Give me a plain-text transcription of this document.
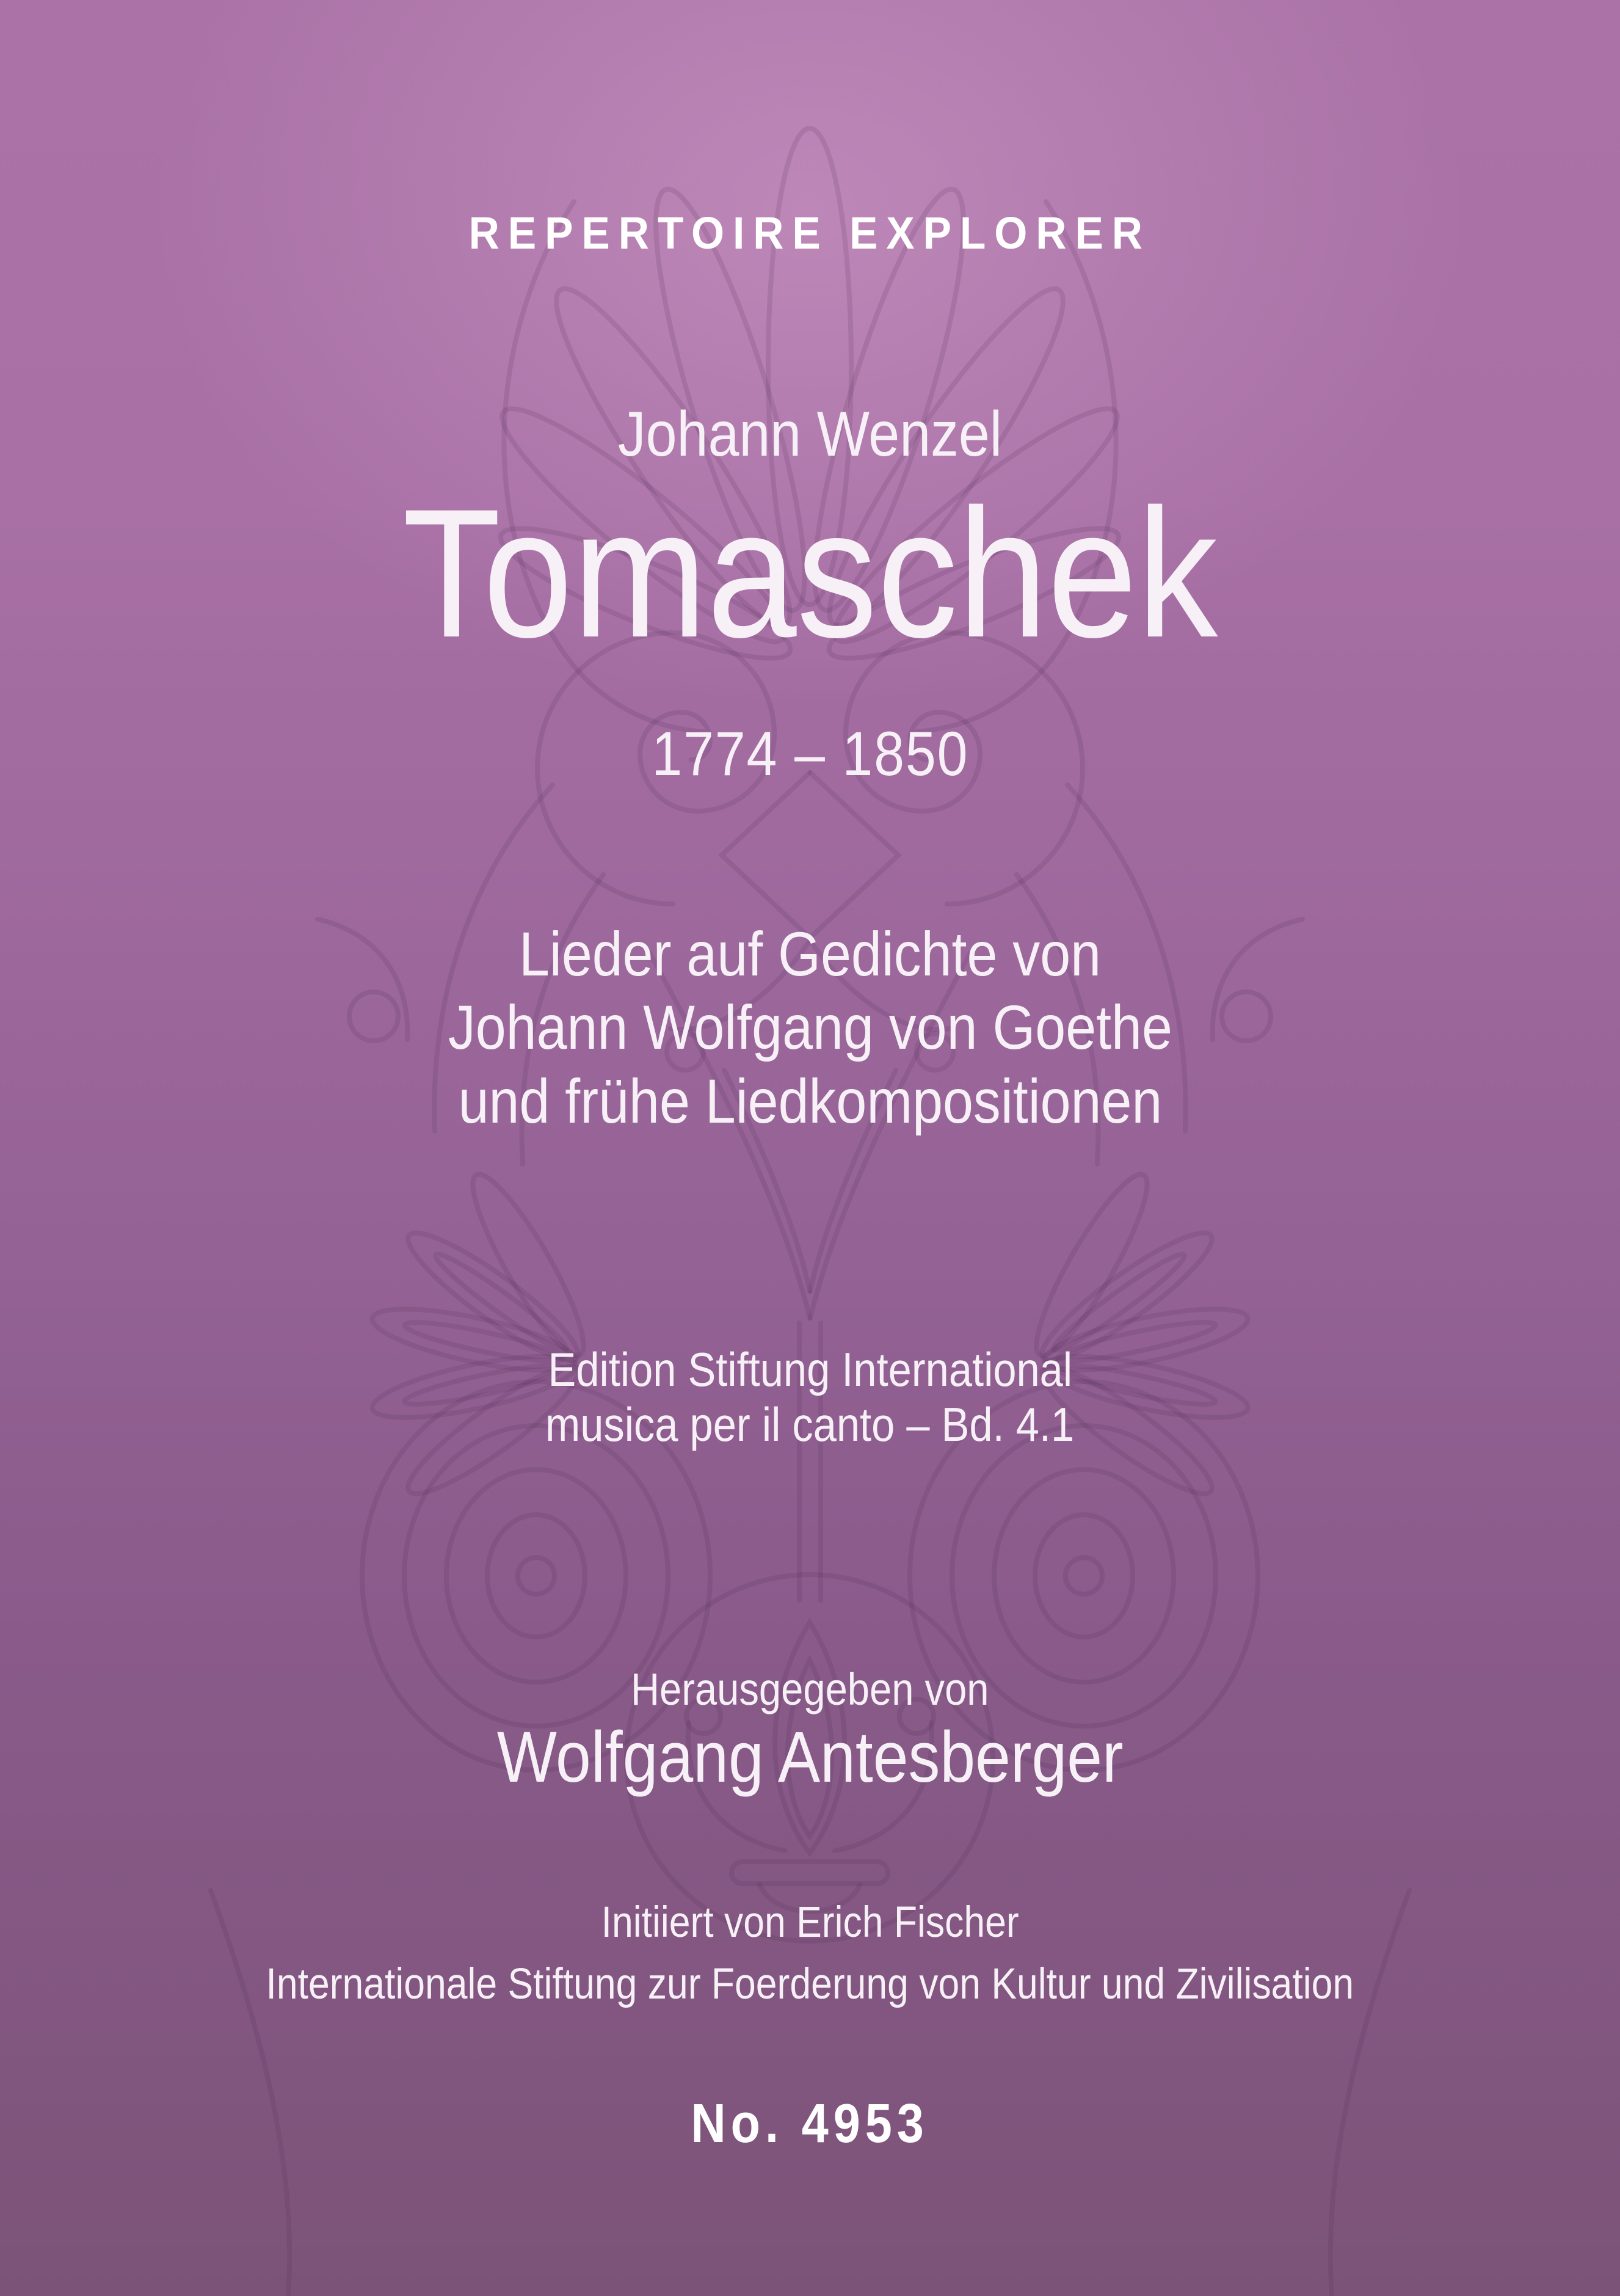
REPERTOIRE EXPLORER
Johann Wenzel
Tomaschek
1774 – 1850
Lieder auf Gedichte von
Johann Wolfgang von Goethe
und frühe Liedkompositionen
Edition Stiftung International
musica per il canto – Bd. 4.1
Herausgegeben von
Wolfgang Antesberger
Initiiert von Erich Fischer
Internationale Stiftung zur Foerderung von Kultur und Zivilisation
No. 4953
